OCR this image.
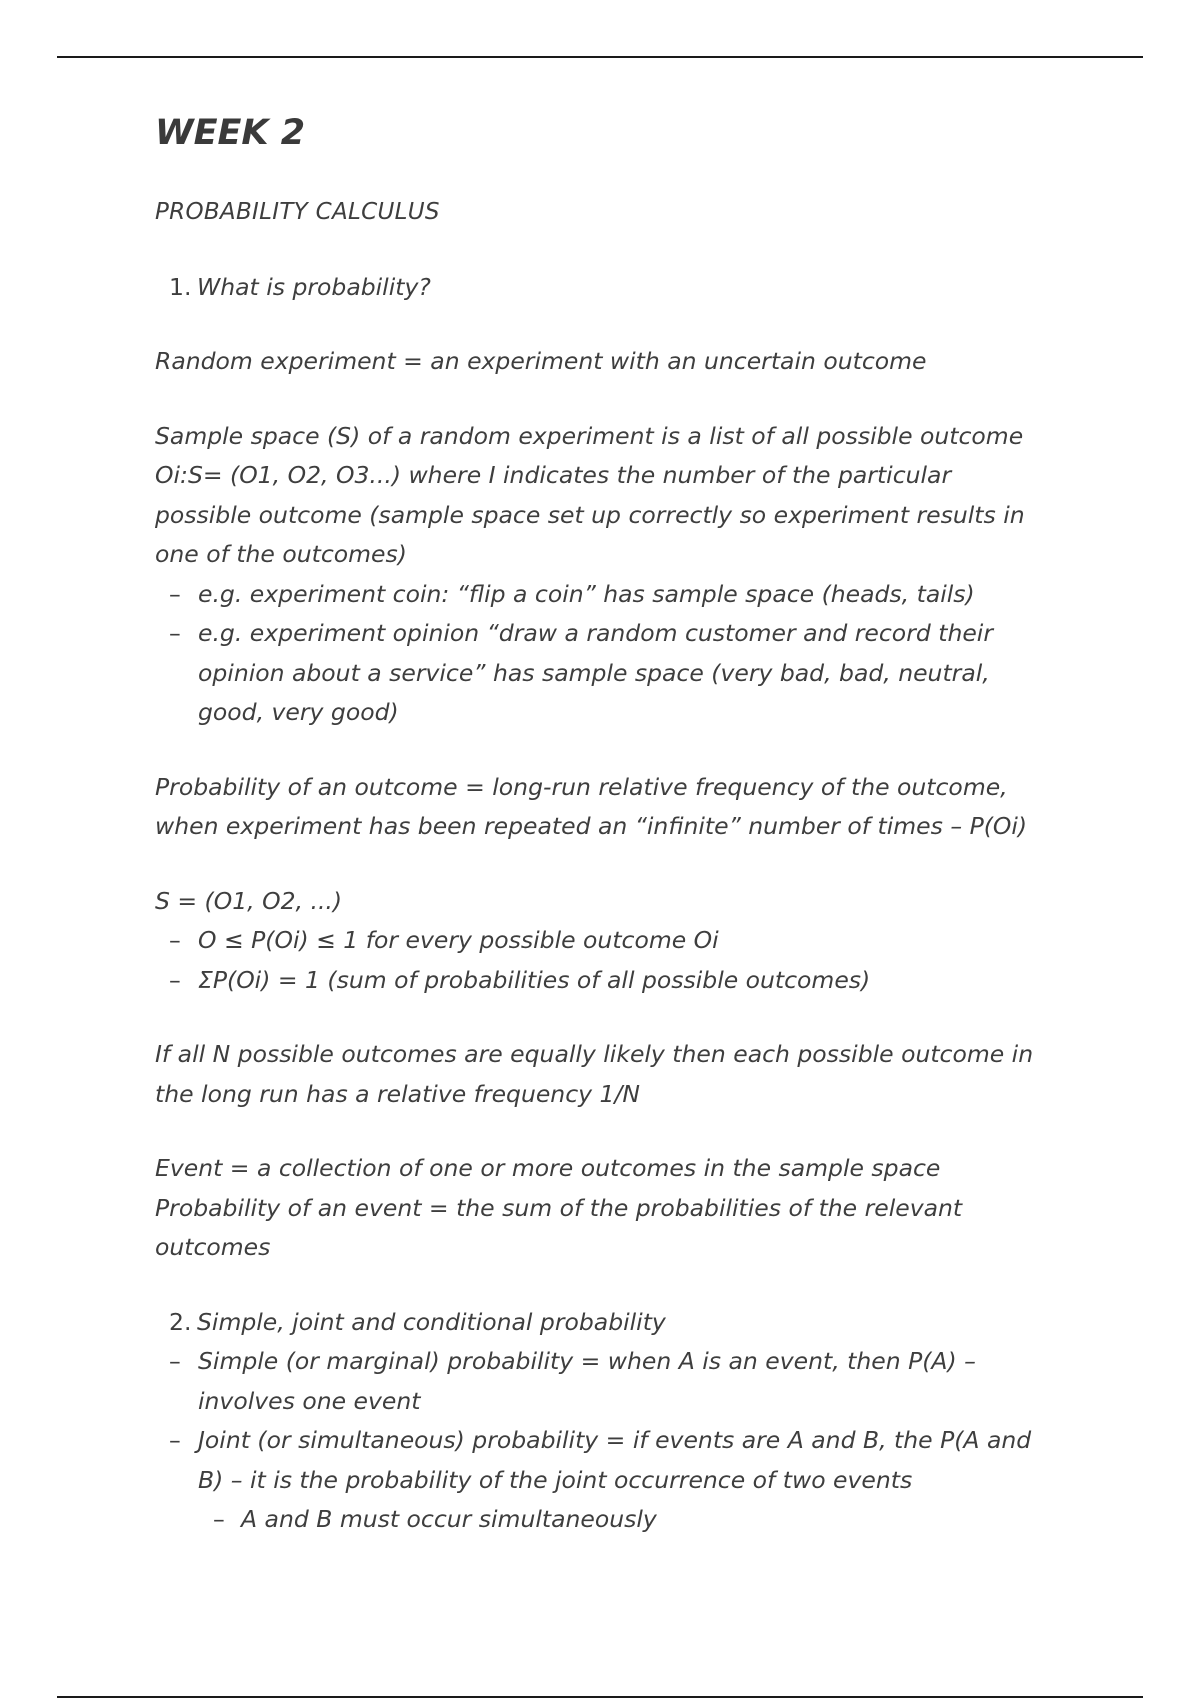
WEEK 2

PROBABILITY CALCULUS

1. What is probability?

Random experiment = an experiment with an uncertain outcome

Sample space (S) of a random experiment is a list of all possible outcome Oi:S= (O1, O2, O3...) where I indicates the number of the particular possible outcome (sample space set up correctly so experiment results in one of the outcomes)

– e.g. experiment coin: “flip a coin” has sample space (heads, tails)
– e.g. experiment opinion “draw a random customer and record their opinion about a service” has sample space (very bad, bad, neutral, good, very good)

Probability of an outcome = long-run relative frequency of the outcome, when experiment has been repeated an “infinite” number of times – P(Oi)

S = (O1, O2, ...)

– O ≤ P(Oi) ≤ 1 for every possible outcome Oi
– ΣP(Oi) = 1 (sum of probabilities of all possible outcomes)

If all N possible outcomes are equally likely then each possible outcome in the long run has a relative frequency 1/N

Event = a collection of one or more outcomes in the sample space

Probability of an event = the sum of the probabilities of the relevant outcomes

2. Simple, joint and conditional probability

– Simple (or marginal) probability = when A is an event, then P(A) – involves one event
– Joint (or simultaneous) probability = if events are A and B, the P(A and B) – it is the probability of the joint occurrence of two events
– A and B must occur simultaneously
